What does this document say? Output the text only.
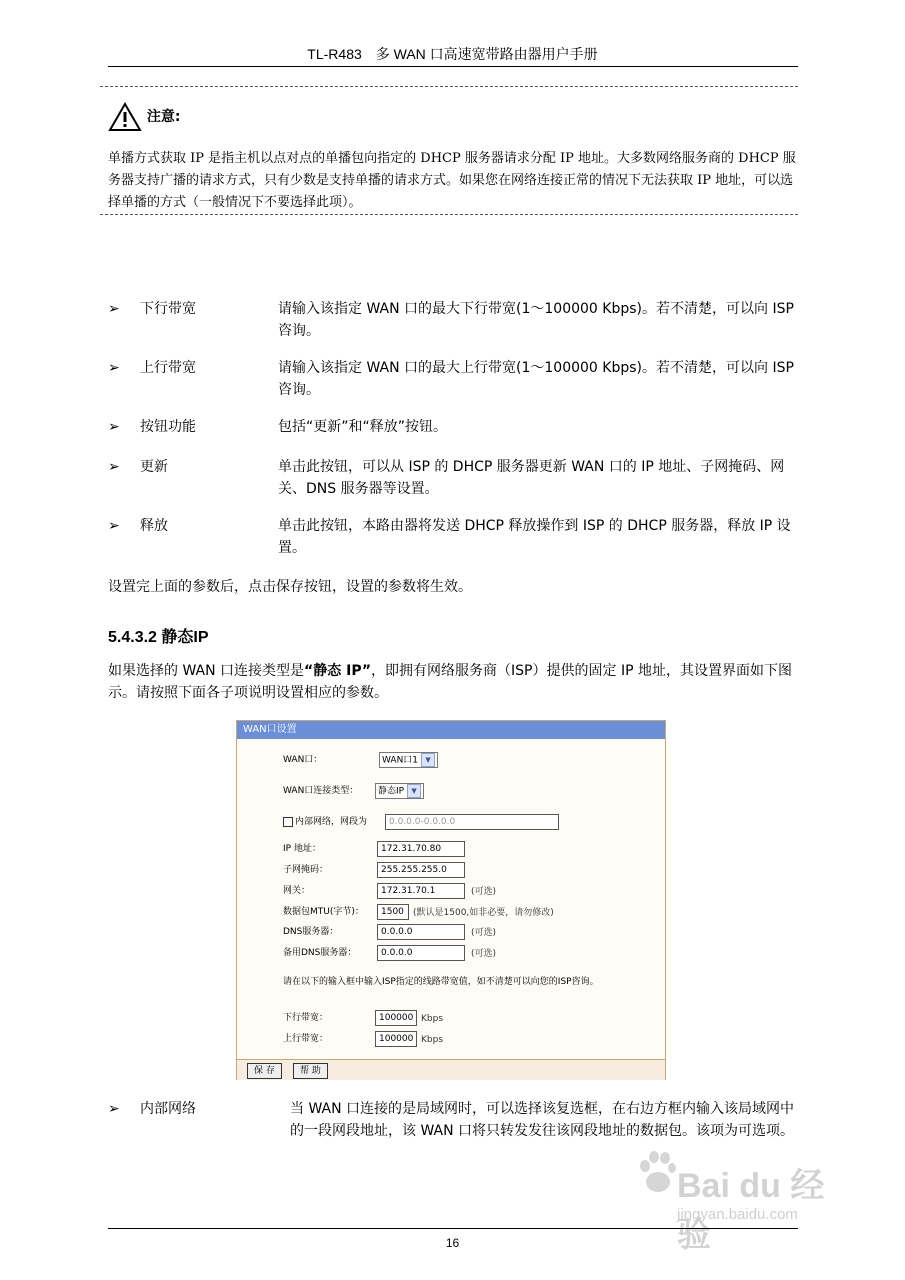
TL-R483　多 WAN 口高速宽带路由器用户手册
注意:
单播方式获取 IP 是指主机以点对点的单播包向指定的 DHCP 服务器请求分配 IP 地址。大多数网络服务商的 DHCP 服务器支持广播的请求方式，只有少数是支持单播的请求方式。如果您在网络连接正常的情况下无法获取 IP 地址，可以选择单播的方式（一般情况下不要选择此项）。
➢ 下行带宽	请输入该指定 WAN 口的最大下行带宽(1～100000 Kbps)。若不清楚，可以向 ISP 咨询。
➢ 上行带宽	请输入该指定 WAN 口的最大上行带宽(1～100000 Kbps)。若不清楚，可以向 ISP 咨询。
➢ 按钮功能	包括“更新”和“释放”按钮。
➢ 更新	单击此按钮，可以从 ISP 的 DHCP 服务器更新 WAN 口的 IP 地址、子网掩码、网关、DNS 服务器等设置。
➢ 释放	单击此按钮，本路由器将发送 DHCP 释放操作到 ISP 的 DHCP 服务器，释放 IP 设置。
设置完上面的参数后，点击保存按钮，设置的参数将生效。
5.4.3.2 静态IP
如果选择的 WAN 口连接类型是“静态 IP”，即拥有网络服务商（ISP）提供的固定 IP 地址，其设置界面如下图示。请按照下面各子项说明设置相应的参数。
WAN口设置
WAN口：	WAN口1 ▼
WAN口连接类型：	静态IP ▼
内部网络，网段为	0.0.0.0-0.0.0.0
IP 地址：	172.31.70.80
子网掩码：	255.255.255.0
网关：	172.31.70.1	(可选)
数据包MTU(字节)：	1500	(默认是1500,如非必要，请勿修改)
DNS服务器：	0.0.0.0	(可选)
备用DNS服务器：	0.0.0.0	(可选)
请在以下的输入框中输入ISP指定的线路带宽值，如不清楚可以向您的ISP咨询。
下行带宽：	100000 Kbps
上行带宽：	100000 Kbps
保 存	帮 助
➢ 内部网络	当 WAN 口连接的是局域网时，可以选择该复选框，在右边方框内输入该局域网中的一段网段地址，该 WAN 口将只转发发往该网段地址的数据包。该项为可选项。
Bai du 经验
jingyan.baidu.com
16
